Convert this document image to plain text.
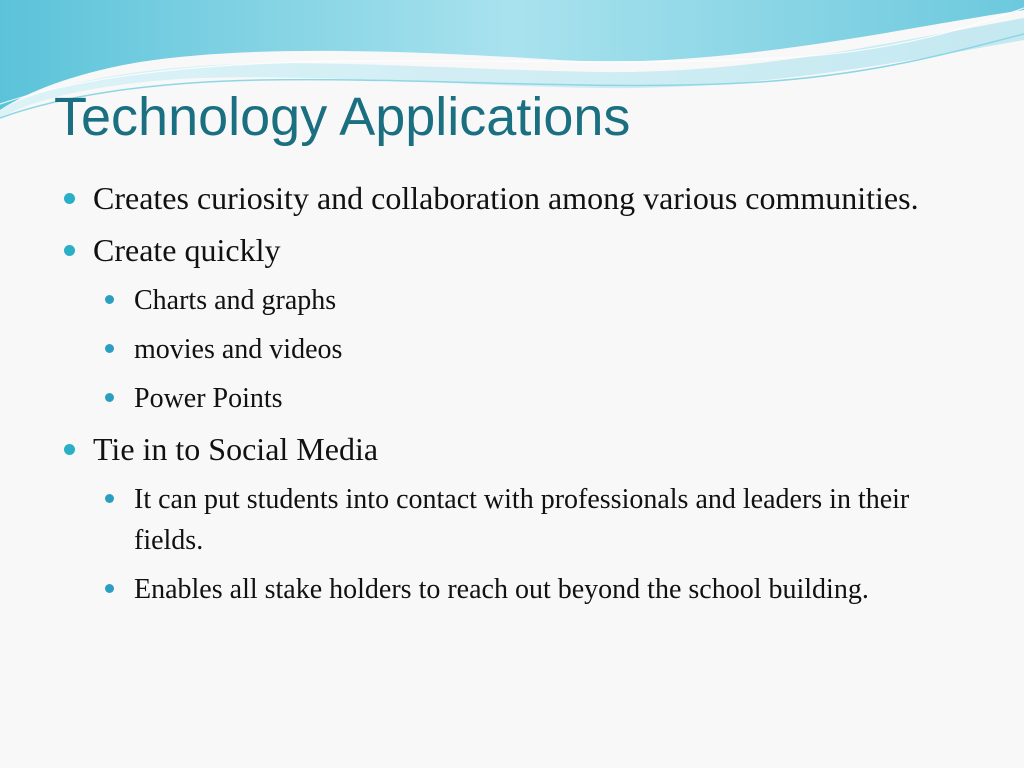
Technology Applications
Creates curiosity and collaboration among various communities.
Create quickly
Charts and graphs
movies and videos
Power Points
Tie in to Social Media
It can put students into contact with professionals and leaders in their fields.
Enables all stake holders to reach out beyond the school building.
